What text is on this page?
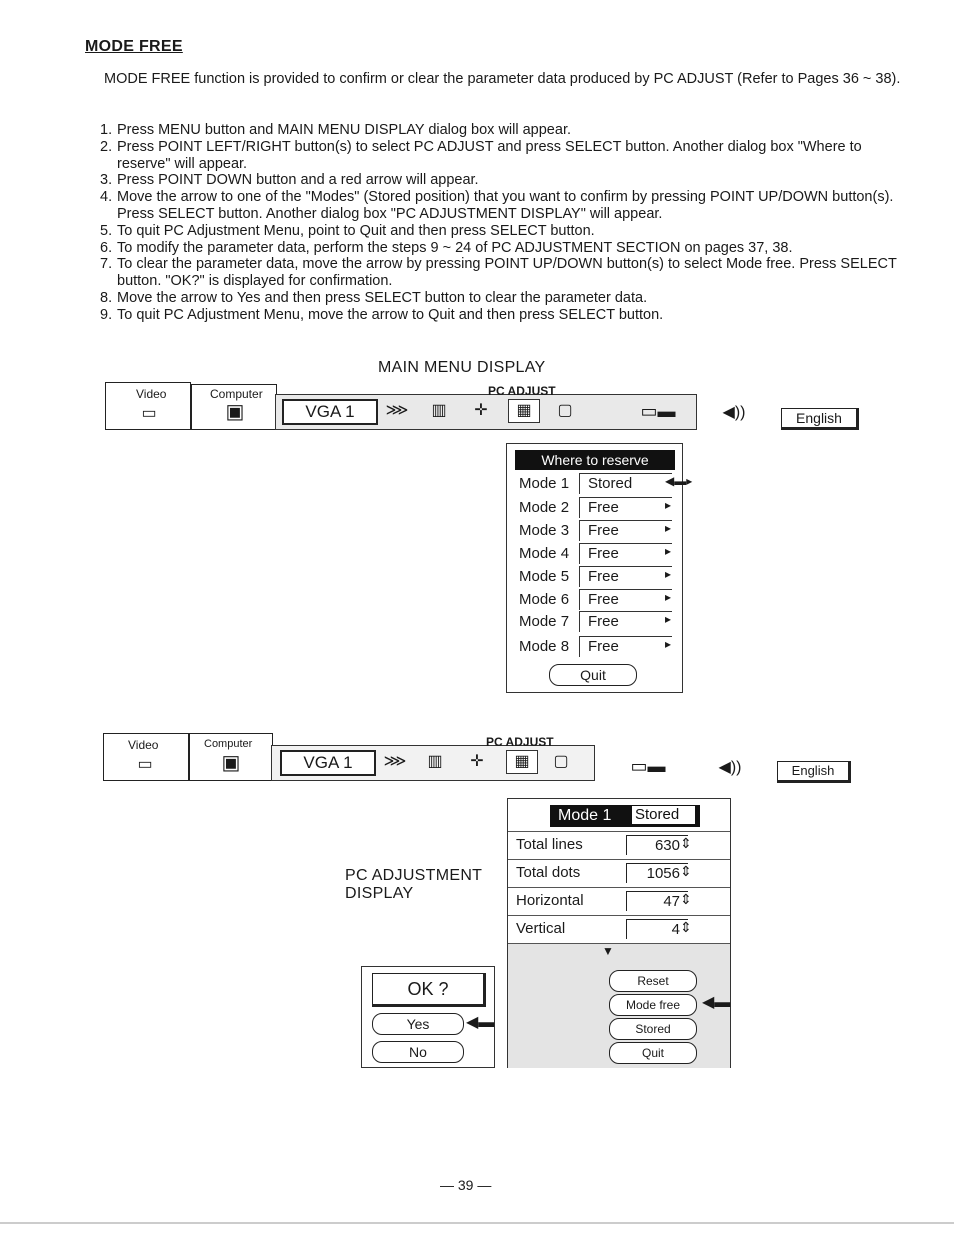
MODE FREE
MODE FREE function is provided to confirm or clear the parameter data produced by PC ADJUST (Refer to Pages 36 ~ 38).
1. Press MENU button and MAIN MENU DISPLAY dialog box will appear.
2. Press POINT LEFT/RIGHT button(s) to select PC ADJUST and press SELECT button. Another dialog box "Where to reserve" will appear.
3. Press POINT DOWN button and a red arrow will appear.
4. Move the arrow to one of the "Modes" (Stored position) that you want to confirm by pressing POINT UP/DOWN button(s). Press SELECT button. Another dialog box "PC ADJUSTMENT DISPLAY" will appear.
5. To quit PC Adjustment Menu, point to Quit and then press SELECT button.
6. To modify the parameter data, perform the steps 9 ~ 24 of PC ADJUSTMENT SECTION on pages 37, 38.
7. To clear the parameter data, move the arrow by pressing POINT UP/DOWN button(s) to select Mode free. Press SELECT button. "OK?" is displayed for confirmation.
8. Move the arrow to Yes and then press SELECT button to clear the parameter data.
9. To quit PC Adjustment Menu, move the arrow to Quit and then press SELECT button.
MAIN MENU DISPLAY
Video
▭
Computer
▣
PC ADJUST
VGA 1	⋙	▥	✛	▦	▢	▭▬	◀))	English
Where to reserve
Mode 1	Stored	◀▬▸
Mode 2	Free	▸
Mode 3	Free	▸
Mode 4	Free	▸
Mode 5	Free	▸
Mode 6	Free	▸
Mode 7	Free	▸
Mode 8	Free	▸
Quit
Video
▭
Computer
▣
PC ADJUST
VGA 1	⋙	▥	✛	▦	▢	▭▬	◀))	English
PC ADJUSTMENT
DISPLAY
Mode 1 Stored
Total lines	630 ⇕
Total dots	1056 ⇕
Horizontal	47 ⇕
Vertical	4 ⇕
▼
Reset
Mode free	◀▬
Stored
Quit
OK ?
Yes	◀▬
No
— 39 —
